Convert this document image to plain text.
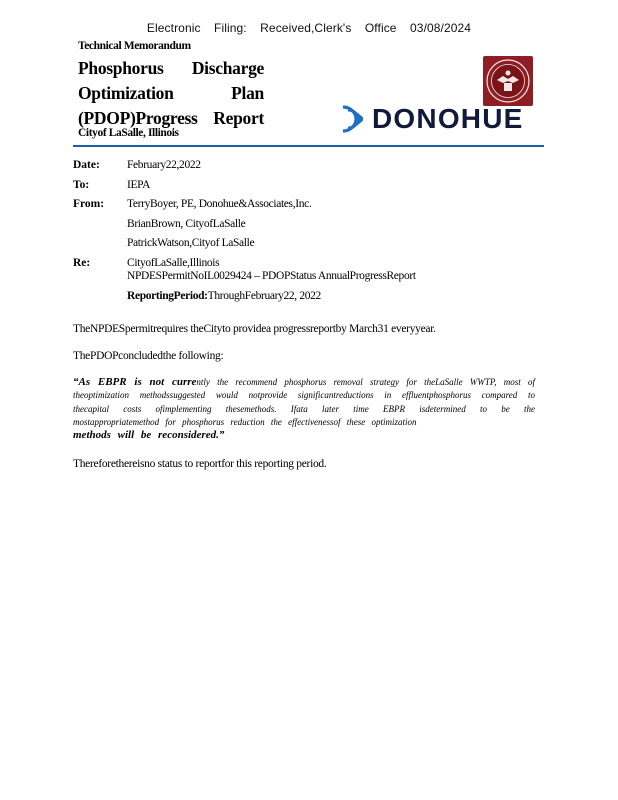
Electronic Filing: Received,Clerk's Office 03/08/2024
Technical Memorandum
Phosphorus Discharge
Optimization Plan
(PDOP)Progress Report
Cityof LaSalle, Illinois	DONOHUE
Date: February22,2022
To:	IEPA
From: TerryBoyer, PE, Donohue&Associates,Inc.
BrianBrown, CityofLaSalle
PatrickWatson,Cityof LaSalle
Re:	CityofLaSalle,Illinois
NPDESPermitNoIL0029424 – PDOPStatus AnnualProgressReport
ReportingPeriod:ThroughFebruary22, 2022
TheNPDESpermitrequires theCityto providea progressreportby March31 everyyear.
ThePDOPconcludedthe following:
“As EBPR is not currently the recommend phosphorus removal strategy for theLaSalle WWTP, most of theoptimization methodssuggested would notprovide significantreductions in effluentphosphorus compared to thecapital costs ofimplementing thesemethods. Ifata later time EBPR isdetermined to be the mostappropriatemethod for phosphorus reduction the effectivenessof these optimization
methods will be reconsidered.”
Thereforethereisno status to reportfor this reporting period.
